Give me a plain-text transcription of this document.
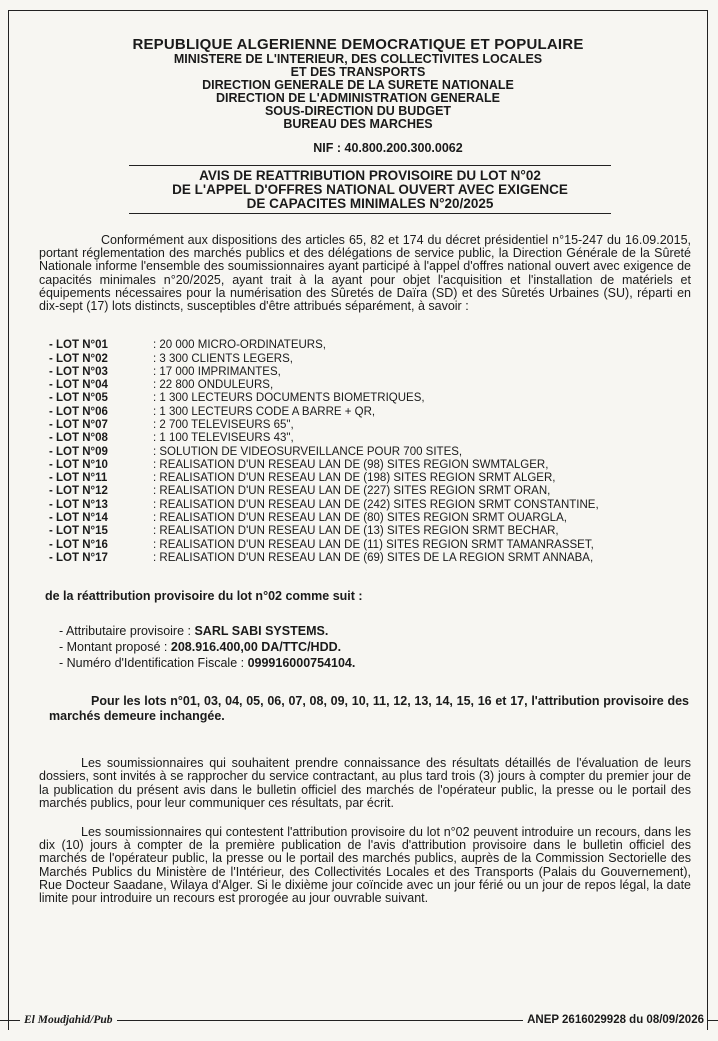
REPUBLIQUE ALGERIENNE DEMOCRATIQUE ET POPULAIRE
MINISTERE DE L'INTERIEUR, DES COLLECTIVITES LOCALES
ET DES TRANSPORTS
DIRECTION GENERALE DE LA SURETE NATIONALE
DIRECTION DE L'ADMINISTRATION GENERALE
SOUS-DIRECTION DU BUDGET
BUREAU DES MARCHES
NIF : 40.800.200.300.0062
AVIS DE REATTRIBUTION PROVISOIRE DU LOT N°02
DE L'APPEL D'OFFRES NATIONAL OUVERT AVEC EXIGENCE
DE CAPACITES MINIMALES N°20/2025

Conformément aux dispositions des articles 65, 82 et 174 du décret présidentiel n°15-247 du 16.09.2015, portant réglementation des marchés publics et des délégations de service public, la Direction Générale de la Sûreté Nationale informe l'ensemble des soumissionnaires ayant participé à l'appel d'offres national ouvert avec exigence de capacités minimales n°20/2025, ayant trait à la ayant pour objet l'acquisition et l'installation de matériels et équipements nécessaires pour la numérisation des Sûretés de Daïra (SD) et des Sûretés Urbaines (SU), réparti en dix-sept (17) lots distincts, susceptibles d'être attribués séparément, à savoir :

- LOT N°01	: 20 000 MICRO-ORDINATEURS,
- LOT N°02	: 3 300 CLIENTS LEGERS,
- LOT N°03	: 17 000 IMPRIMANTES,
- LOT N°04	: 22 800 ONDULEURS,
- LOT N°05	: 1 300 LECTEURS DOCUMENTS BIOMETRIQUES,
- LOT N°06	: 1 300 LECTEURS CODE A BARRE + QR,
- LOT N°07	: 2 700 TELEVISEURS 65",
- LOT N°08	: 1 100 TELEVISEURS 43",
- LOT N°09	: SOLUTION DE VIDEOSURVEILLANCE POUR 700 SITES,
- LOT N°10	: REALISATION D'UN RESEAU LAN DE (98) SITES REGION SWMTALGER,
- LOT N°11	: REALISATION D'UN RESEAU LAN DE (198) SITES REGION SRMT ALGER,
- LOT N°12	: REALISATION D'UN RESEAU LAN DE (227) SITES REGION SRMT ORAN,
- LOT N°13	: REALISATION D'UN RESEAU LAN DE (242) SITES REGION SRMT CONSTANTINE,
- LOT N°14	: REALISATION D'UN RESEAU LAN DE (80) SITES REGION SRMT OUARGLA,
- LOT N°15	: REALISATION D'UN RESEAU LAN DE (13) SITES REGION SRMT BECHAR,
- LOT N°16	: REALISATION D'UN RESEAU LAN DE (11) SITES REGION SRMT TAMANRASSET,
- LOT N°17	: REALISATION D'UN RESEAU LAN DE (69) SITES DE LA REGION SRMT ANNABA,
de la réattribution provisoire du lot n°02 comme suit :
- Attributaire provisoire : SARL SABI SYSTEMS.
- Montant proposé : 208.916.400,00 DA/TTC/HDD.
- Numéro d'Identification Fiscale : 099916000754104.

Pour les lots n°01, 03, 04, 05, 06, 07, 08, 09, 10, 11, 12, 13, 14, 15, 16 et 17, l'attribution provisoire des marchés demeure inchangée.

Les soumissionnaires qui souhaitent prendre connaissance des résultats détaillés de l'évaluation de leurs dossiers, sont invités à se rapprocher du service contractant, au plus tard trois (3) jours à compter du premier jour de la publication du présent avis dans le bulletin officiel des marchés de l'opérateur public, la presse ou le portail des marchés publics, pour leur communiquer ces résultats, par écrit.

Les soumissionnaires qui contestent l'attribution provisoire du lot n°02 peuvent introduire un recours, dans les dix (10) jours à compter de la première publication de l'avis d'attribution provisoire dans le bulletin officiel des marchés de l'opérateur public, la presse ou le portail des marchés publics, auprès de la Commission Sectorielle des Marchés Publics du Ministère de l'Intérieur, des Collectivités Locales et des Transports (Palais du Gouvernement), Rue Docteur Saadane, Wilaya d'Alger. Si le dixième jour coïncide avec un jour férié ou un jour de repos légal, la date limite pour introduire un recours est prorogée au jour ouvrable suivant.

El Moudjahid/Pub	ANEP 2616029928 du 08/09/2026
